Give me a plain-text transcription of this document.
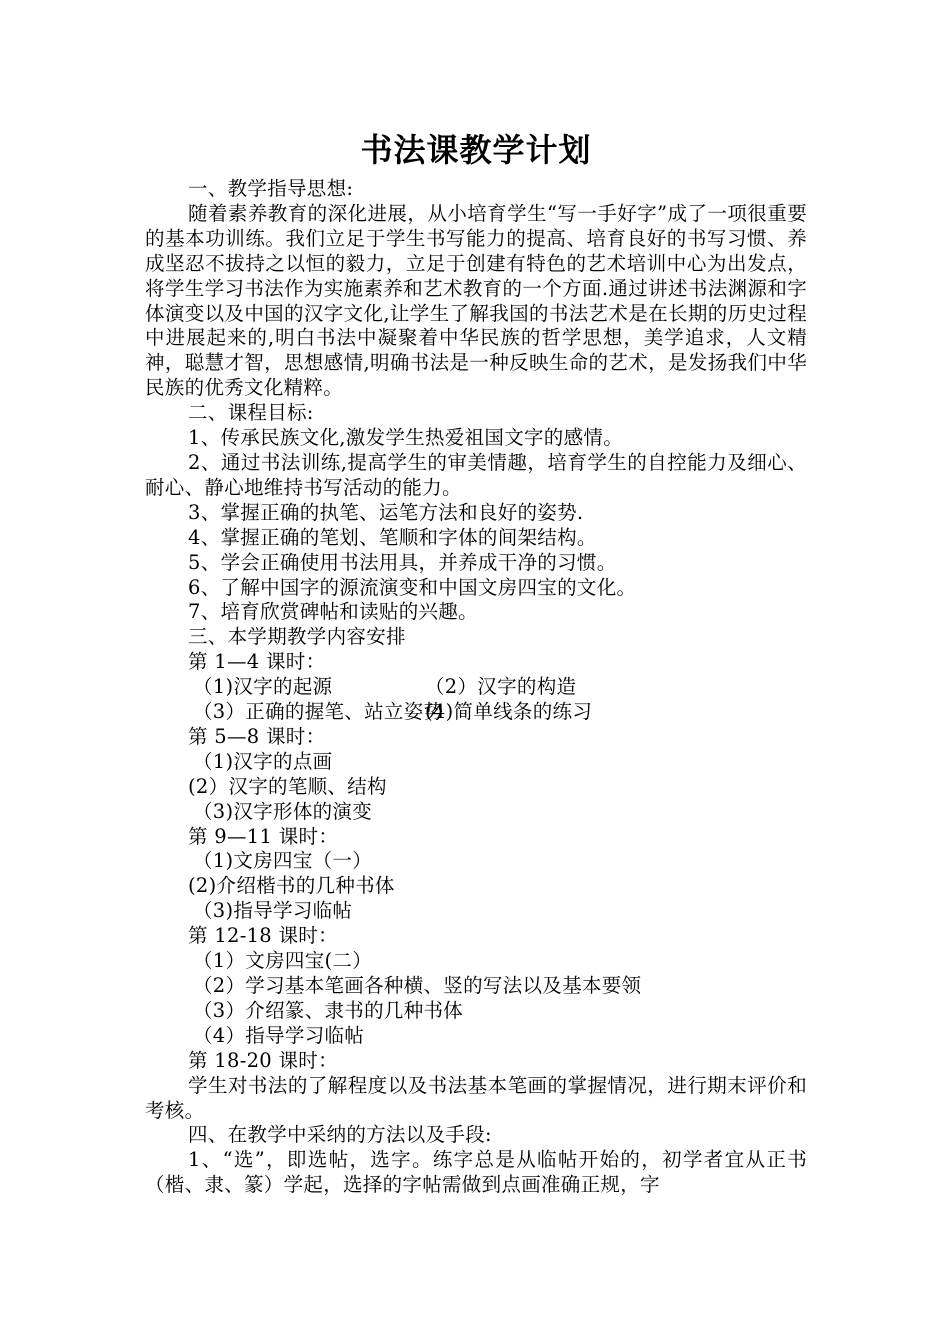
书法课教学计划

一、教学指导思想:

随着素养教育的深化进展，从小培育学生“写一手好字”成了一项很重要的基本功训练。我们立足于学生书写能力的提高、培育良好的书写习惯、养成坚忍不拔持之以恒的毅力，立足于创建有特色的艺术培训中心为出发点，将学生学习书法作为实施素养和艺术教育的一个方面.通过讲述书法渊源和字体演变以及中国的汉字文化,让学生了解我国的书法艺术是在长期的历史过程中进展起来的,明白书法中凝聚着中华民族的哲学思想，美学追求，人文精神，聪慧才智，思想感情,明确书法是一种反映生命的艺术，是发扬我们中华民族的优秀文化精粹。

二、课程目标:

1、传承民族文化,激发学生热爱祖国文字的感情。

2、通过书法训练,提高学生的审美情趣，培育学生的自控能力及细心、耐心、静心地维持书写活动的能力。

3、掌握正确的执笔、运笔方法和良好的姿势.

4、掌握正确的笔划、笔顺和字体的间架结构。

5、学会正确使用书法用具，并养成干净的习惯。

6、了解中国字的源流演变和中国文房四宝的文化。

7、培育欣赏碑帖和读贴的兴趣。

三、本学期教学内容安排

第 1—4 课时：

（1)汉字的起源	（2）汉字的构造
（3）正确的握笔、站立姿势
(4)简单线条的练习

第 5—8 课时：

（1)汉字的点画

(2）汉字的笔顺、结构

（3)汉字形体的演变

第 9—11 课时：

（1)文房四宝（一）

(2)介绍楷书的几种书体

（3)指导学习临帖

第 12-18 课时：

（1）文房四宝(二）

（2）学习基本笔画各种横、竖的写法以及基本要领

（3）介绍篆、隶书的几种书体

（4）指导学习临帖

第 18-20 课时：

学生对书法的了解程度以及书法基本笔画的掌握情况，进行期末评价和考核。

四、在教学中采纳的方法以及手段:

1、“选”，即选帖，选字。练字总是从临帖开始的，初学者宜从正书（楷、隶、篆）学起，选择的字帖需做到点画准确正规，字
